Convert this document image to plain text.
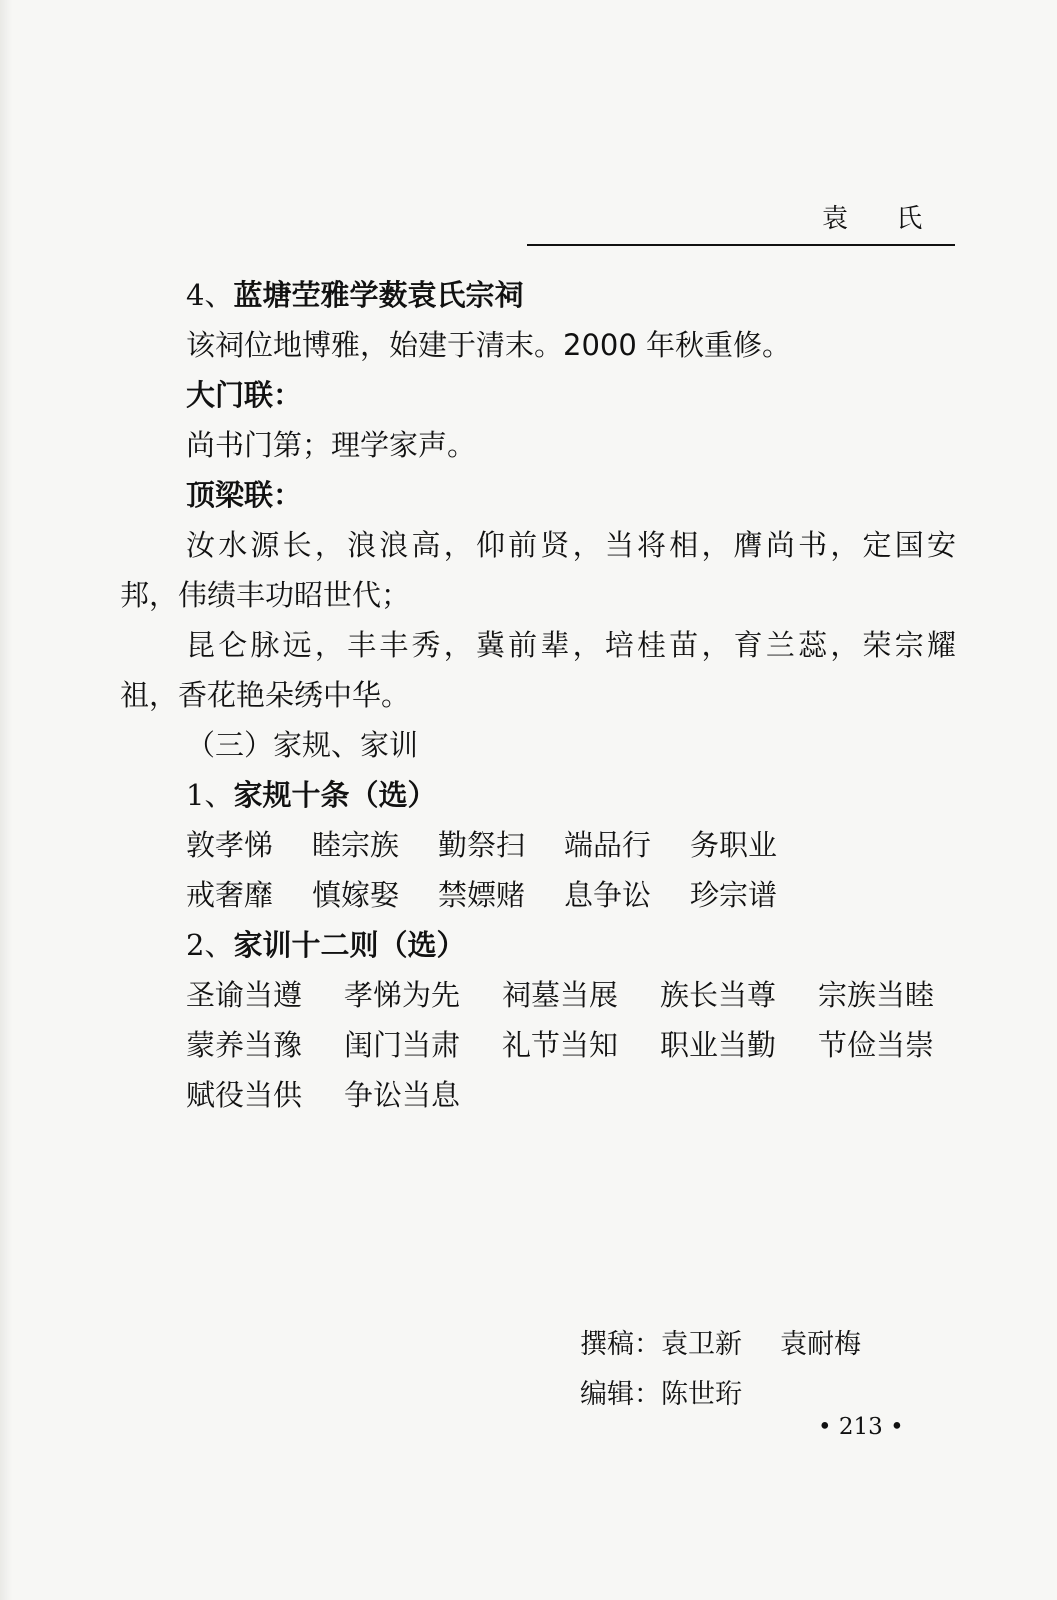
袁 氏
4、蓝塘茔雅学薮袁氏宗祠
该祠位地博雅，始建于清末。2000 年秋重修。
大门联：
尚书门第；理学家声。
顶梁联：
汝水源长，浪浪高，仰前贤，当将相，膺尚书，定国安
邦，伟绩丰功昭世代；
昆仑脉远，丰丰秀，冀前辈，培桂苗，育兰蕊，荣宗耀
祖，香花艳朵绣中华。
（三）家规、家训
1、家规十条（选）
敦孝悌	睦宗族	勤祭扫	端品行	务职业
戒奢靡	慎嫁娶	禁嫖赌	息争讼	珍宗谱
2、家训十二则（选）
圣谕当遵	孝悌为先	祠墓当展	族长当尊	宗族当睦
蒙养当豫	闺门当肃	礼节当知	职业当勤	节俭当崇
赋役当供	争讼当息
撰稿：袁卫新 袁耐梅
编辑：陈世珩
• 213 •
